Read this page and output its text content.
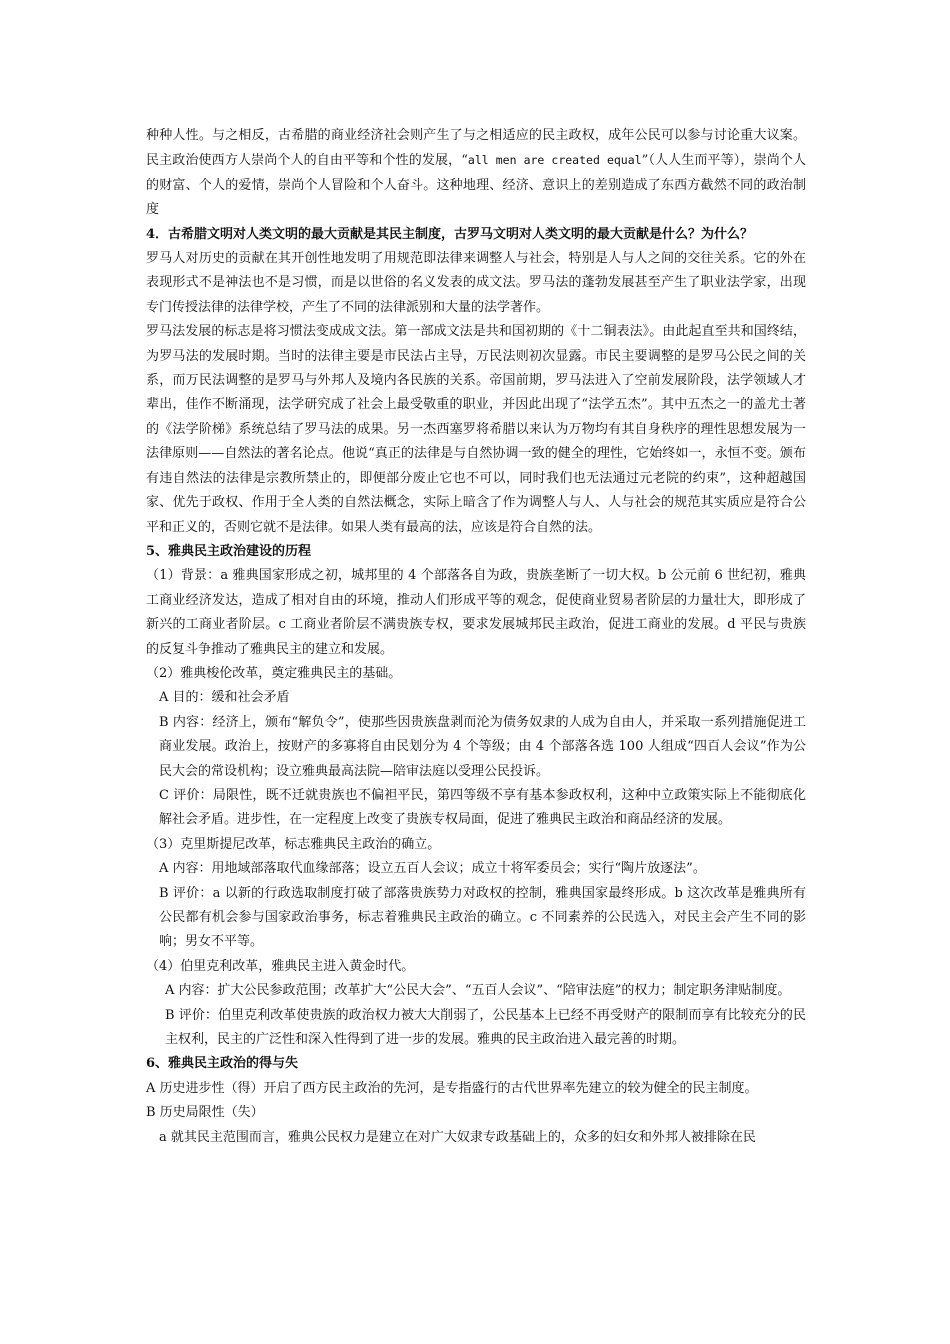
种种人性。与之相反，古希腊的商业经济社会则产生了与之相适应的民主政权，成年公民可以参与讨论重大议案。民主政治使西方人崇尚个人的自由平等和个性的发展，“all men are created equal”（人人生而平等），崇尚个人的财富、个人的爱情，崇尚个人冒险和个人奋斗。这种地理、经济、意识上的差别造成了东西方截然不同的政治制度

4．古希腊文明对人类文明的最大贡献是其民主制度，古罗马文明对人类文明的最大贡献是什么？为什么？

罗马人对历史的贡献在其开创性地发明了用规范即法律来调整人与社会，特别是人与人之间的交往关系。它的外在表现形式不是神法也不是习惯，而是以世俗的名义发表的成文法。罗马法的蓬勃发展甚至产生了职业法学家，出现专门传授法律的法律学校，产生了不同的法律派别和大量的法学著作。

罗马法发展的标志是将习惯法变成成文法。第一部成文法是共和国初期的《十二铜表法》。由此起直至共和国终结，为罗马法的发展时期。当时的法律主要是市民法占主导，万民法则初次显露。市民主要调整的是罗马公民之间的关系，而万民法调整的是罗马与外邦人及境内各民族的关系。帝国前期，罗马法进入了空前发展阶段，法学领域人才辈出，佳作不断涌现，法学研究成了社会上最受敬重的职业，并因此出现了“法学五杰”。其中五杰之一的盖尤士著的《法学阶梯》系统总结了罗马法的成果。另一杰西塞罗将希腊以来认为万物均有其自身秩序的理性思想发展为一法律原则——自然法的著名论点。他说“真正的法律是与自然协调一致的健全的理性，它始终如一，永恒不变。颁布有违自然法的法律是宗教所禁止的，即便部分废止它也不可以，同时我们也无法通过元老院的约束”，这种超越国家、优先于政权、作用于全人类的自然法概念，实际上暗含了作为调整人与人、人与社会的规范其实质应是符合公平和正义的，否则它就不是法律。如果人类有最高的法，应该是符合自然的法。

5、雅典民主政治建设的历程

（1）背景：a 雅典国家形成之初，城邦里的 4 个部落各自为政，贵族垄断了一切大权。b 公元前 6 世纪初，雅典工商业经济发达，造成了相对自由的环境，推动人们形成平等的观念，促使商业贸易者阶层的力量壮大，即形成了新兴的工商业者阶层。c 工商业者阶层不满贵族专权，要求发展城邦民主政治，促进工商业的发展。d 平民与贵族的反复斗争推动了雅典民主的建立和发展。

（2）雅典梭伦改革，奠定雅典民主的基础。

A 目的：缓和社会矛盾

B 内容：经济上，颁布“解负令”，使那些因贵族盘剥而沦为债务奴隶的人成为自由人，并采取一系列措施促进工商业发展。政治上，按财产的多寡将自由民划分为 4 个等级；由 4 个部落各选 100 人组成“四百人会议”作为公民大会的常设机构；设立雅典最高法院—陪审法庭以受理公民投诉。

C 评价：局限性，既不迁就贵族也不偏袒平民，第四等级不享有基本参政权利，这种中立政策实际上不能彻底化解社会矛盾。进步性，在一定程度上改变了贵族专权局面，促进了雅典民主政治和商品经济的发展。

（3）克里斯提尼改革，标志雅典民主政治的确立。

A 内容：用地域部落取代血缘部落；设立五百人会议；成立十将军委员会；实行“陶片放逐法”。

B 评价：a 以新的行政选取制度打破了部落贵族势力对政权的控制，雅典国家最终形成。b 这次改革是雅典所有公民都有机会参与国家政治事务，标志着雅典民主政治的确立。c 不同素养的公民选入，对民主会产生不同的影响；男女不平等。

（4）伯里克利改革，雅典民主进入黄金时代。

A 内容：扩大公民参政范围；改革扩大“公民大会”、“五百人会议”、“陪审法庭”的权力；制定职务津贴制度。

B 评价：伯里克利改革使贵族的政治权力被大大削弱了，公民基本上已经不再受财产的限制而享有比较充分的民主权利，民主的广泛性和深入性得到了进一步的发展。雅典的民主政治进入最完善的时期。

6、雅典民主政治的得与失

A 历史进步性（得）开启了西方民主政治的先河，是专指盛行的古代世界率先建立的较为健全的民主制度。

B 历史局限性（失）

a 就其民主范围而言，雅典公民权力是建立在对广大奴隶专政基础上的，众多的妇女和外邦人被排除在民
